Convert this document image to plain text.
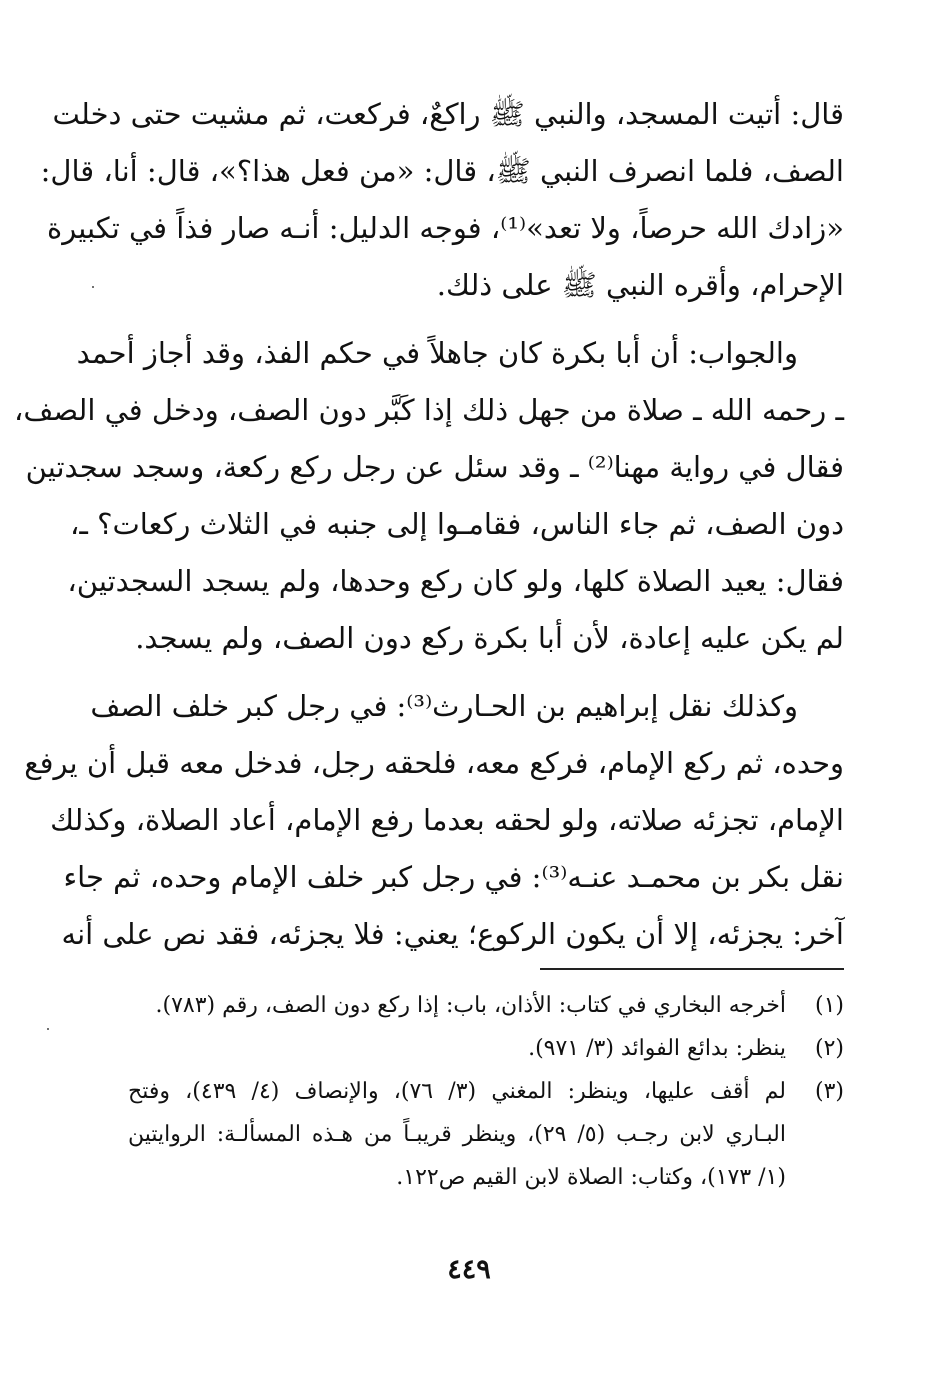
قال: أتيت المسجد، والنبي ﷺ راكعٌ، فركعت، ثم مشيت حتى دخلت
الصف، فلما انصرف النبي ﷺ، قال: «من فعل هذا؟»، قال: أنا، قال:
«زادك الله حرصاً، ولا تعد»⁽¹⁾، فوجه الدليل: أنـه صار فذاً في تكبيرة
الإحرام، وأقره النبي ﷺ على ذلك.
والجواب: أن أبا بكرة كان جاهلاً في حكم الفذ، وقد أجاز أحمد
ـ رحمه الله ـ صلاة من جهل ذلك إذا كَبَّر دون الصف، ودخل في الصف،
فقال في رواية مهنا⁽²⁾ ـ وقد سئل عن رجل ركع ركعة، وسجد سجدتين
دون الصف، ثم جاء الناس، فقامـوا إلى جنبه في الثلاث ركعات؟ ـ،
فقال: يعيد الصلاة كلها، ولو كان ركع وحدها، ولم يسجد السجدتين،
لم يكن عليه إعادة، لأن أبا بكرة ركع دون الصف، ولم يسجد.
وكذلك نقل إبراهيم بن الحـارث⁽³⁾: في رجل كبر خلف الصف
وحده، ثم ركع الإمام، فركع معه، فلحقه رجل، فدخل معه قبل أن يرفع
الإمام، تجزئه صلاته، ولو لحقه بعدما رفع الإمام، أعاد الصلاة، وكذلك
نقل بكر بن محمـد عنـه⁽³⁾: في رجل كبر خلف الإمام وحده، ثم جاء
آخر: يجزئه، إلا أن يكون الركوع؛ يعني: فلا يجزئه، فقد نص على أنه
(١)
أخرجه البخاري في كتاب: الأذان، باب: إذا ركع دون الصف، رقم (٧٨٣).
(٢)
ينظر: بدائع الفوائد (٣/ ٩٧١).
(٣)
لم أقف عليها، وينظر: المغني (٣/ ٧٦)، والإنصاف (٤/ ٤٣٩)، وفتح
البـاري لابن رجـب (٥/ ٢٩)، وينظر قريبـاً من هـذه المسألـة: الروايتين
(١/ ١٧٣)، وكتاب: الصلاة لابن القيم ص١٢٢.
٤٤٩
